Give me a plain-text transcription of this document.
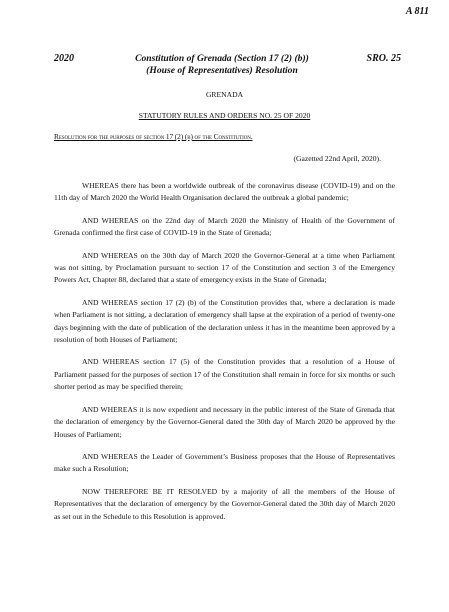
A 811
2020	Constitution of Grenada (Section 17 (2) (b))
(House of Representatives) Resolution
SRO. 25
GRENADA
STATUTORY RULES AND ORDERS NO. 25 OF 2020
Resolution for the purposes of section 17 (2) (b) of the Constitution.
(Gazetted 22nd April, 2020).

WHEREAS there has been a worldwide outbreak of the coronavirus disease (COVID-19) and on the 11th day of March 2020 the World Health Organisation declared the outbreak a global pandemic;

AND WHEREAS on the 22nd day of March 2020 the Ministry of Health of the Government of Grenada confirmed the first case of COVID-19 in the State of Grenada;

AND WHEREAS on the 30th day of March 2020 the Governor-General at a time when Parliament was not sitting, by Proclamation pursuant to section 17 of the Constitution and section 3 of the Emergency Powers Act, Chapter 88, declared that a state of emergency exists in the State of Grenada;

AND WHEREAS section 17 (2) (b) of the Constitution provides that, where a declaration is made when Parliament is not sitting, a declaration of emergency shall lapse at the expiration of a period of twenty-one days beginning with the date of publication of the declaration unless it has in the meantime been approved by a resolution of both Houses of Parliament;

AND WHEREAS section 17 (5) of the Constitution provides that a resolution of a House of Parliament passed for the purposes of section 17 of the Constitution shall remain in force for six months or such shorter period as may be specified therein;

AND WHEREAS it is now expedient and necessary in the public interest of the State of Grenada that the declaration of emergency by the Governor-General dated the 30th day of March 2020 be approved by the Houses of Parliament;

AND WHEREAS the Leader of Government’s Business proposes that the House of Representatives make such a Resolution;

NOW THEREFORE BE IT RESOLVED by a majority of all the members of the House of Representatives that the declaration of emergency by the Governor-General dated the 30th day of March 2020 as set out in the Schedule to this Resolution is approved.
